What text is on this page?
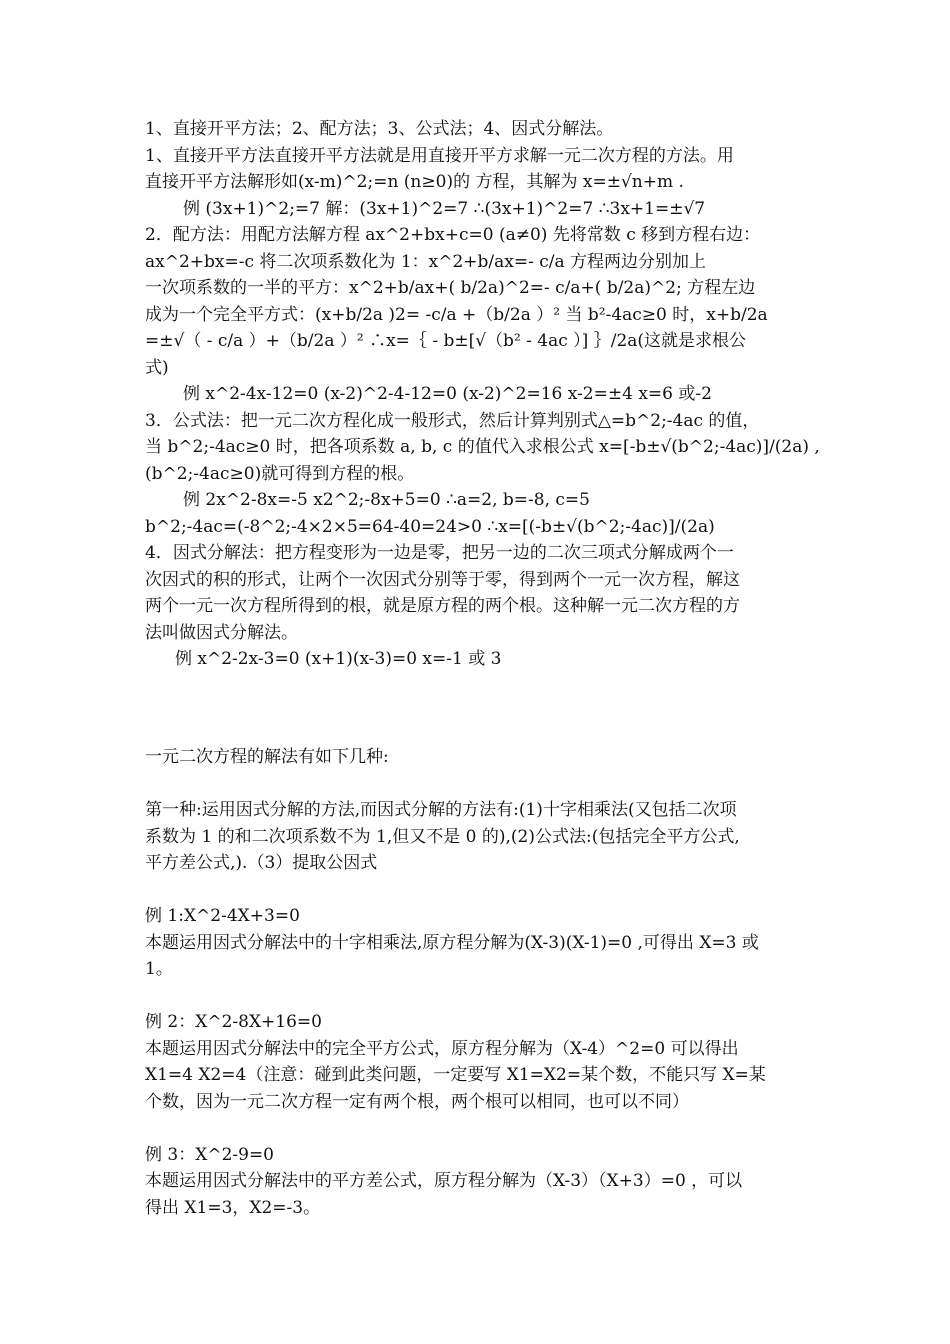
1、直接开平方法；2、配方法；3、公式法；4、因式分解法。

1、直接开平方法直接开平方法就是用直接开平方求解一元二次方程的方法。用

直接开平方法解形如(x-m)^2;=n (n≥0)的 方程，其解为 x=±√n+m .

例 (3x+1)^2;=7 解：(3x+1)^2=7 ∴(3x+1)^2=7 ∴3x+1=±√7

2．配方法：用配方法解方程 ax^2+bx+c=0 (a≠0) 先将常数 c 移到方程右边：

ax^2+bx=-c 将二次项系数化为 1：x^2+b/ax=- c/a 方程两边分别加上

一次项系数的一半的平方：x^2+b/ax+( b/2a)^2=- c/a+( b/2a)^2; 方程左边

成为一个完全平方式：(x+b/2a )2= -c/a +（b/2a ）² 当 b²-4ac≥0 时，x+b/2a

=±√（ - c/a ）+（b/2a ）² ∴x=｛ - b±[√（b² - 4ac ）] ｝/2a(这就是求根公

式)

例 x^2-4x-12=0 (x-2)^2-4-12=0 (x-2)^2=16 x-2=±4 x=6 或-2

3．公式法：把一元二次方程化成一般形式，然后计算判别式△=b^2;-4ac 的值，

当 b^2;-4ac≥0 时，把各项系数 a, b, c 的值代入求根公式 x=[-b±√(b^2;-4ac)]/(2a) ,

(b^2;-4ac≥0)就可得到方程的根。

例 2x^2-8x=-5 x2^2;-8x+5=0 ∴a=2, b=-8, c=5

b^2;-4ac=(-8^2;-4×2×5=64-40=24>0 ∴x=[(-b±√(b^2;-4ac)]/(2a)

4．因式分解法：把方程变形为一边是零，把另一边的二次三项式分解成两个一

次因式的积的形式，让两个一次因式分别等于零，得到两个一元一次方程，解这

两个一元一次方程所得到的根，就是原方程的两个根。这种解一元二次方程的方

法叫做因式分解法。

例 x^2-2x-3=0 (x+1)(x-3)=0 x=-1 或 3

一元二次方程的解法有如下几种:

第一种:运用因式分解的方法,而因式分解的方法有:(1)十字相乘法(又包括二次项

系数为 1 的和二次项系数不为 1,但又不是 0 的),(2)公式法:(包括完全平方公式,

平方差公式,).（3）提取公因式

例 1:X^2-4X+3=0

本题运用因式分解法中的十字相乘法,原方程分解为(X-3)(X-1)=0 ,可得出 X=3 或

1。

例 2：X^2-8X+16=0

本题运用因式分解法中的完全平方公式，原方程分解为（X-4）^2=0 可以得出

X1=4 X2=4（注意：碰到此类问题，一定要写 X1=X2=某个数，不能只写 X=某

个数，因为一元二次方程一定有两个根，两个根可以相同，也可以不同）

例 3：X^2-9=0

本题运用因式分解法中的平方差公式，原方程分解为（X-3）（X+3）=0 ，可以

得出 X1=3，X2=-3。
